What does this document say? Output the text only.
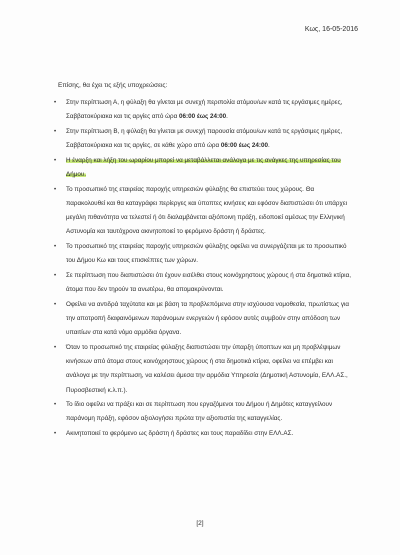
Κως, 16-05-2016
Επίσης, θα έχει τις εξής υποχρεώσεις:
• Στην περίπτωση Α, η φύλαξη θα γίνεται με συνεχή περιπολία ατόμου/ων κατά τις εργάσιμες ημέρες, Σαββατοκύριακα και τις αργίες από ώρα 06:00 έως 24:00.
• Στην περίπτωση Β, η φύλαξη θα γίνεται με συνεχή παρουσία ατόμου/ων κατά τις εργάσιμες ημέρες, Σαββατοκύριακα και τις αργίες, σε κάθε χώρο από ώρα 06:00 έως 24:00.
• Η έναρξη και λήξη του ωραρίου μπορεί να μεταβάλλεται ανάλογα με τις ανάγκες της υπηρεσίας του Δήμου.
• Το προσωπικό της εταιρείας παροχής υπηρεσιών φύλαξης θα επιστεύει τους χώρους. Θα παρακολουθεί και θα καταγράφει περίεργες και ύποπτες κινήσεις και εφόσον διαπιστώσει ότι υπάρχει μεγάλη πιθανότητα να τελεστεί ή ότι διαλαμβάνεται αξιόποινη πράξη, ειδοποιεί αμέσως την Ελληνική Αστυνομία και ταυτόχρονα ακινητοποιεί το φερόμενο δράστη ή δράστες.
• Το προσωπικό της εταιρείας παροχής υπηρεσιών φύλαξης οφείλει να συνεργάζεται με το προσωπικό του Δήμου Κω και τους επισκέπτες των χώρων.
• Σε περίπτωση που διαπιστώσει ότι έχουν εισέλθει στους κοινόχρηστους χώρους ή στα δημοτικά κτίρια, άτομα που δεν τηρούν τα ανωτέρω, θα απομακρύνονται.
• Οφείλει να αντιδρά ταχύτατα και με βάση τα προβλεπόμενα στην ισχύουσα νομοθεσία, πρωτίστως για την αποτροπή διαφαινόμενων παράνομων ενεργειών ή εφόσον αυτές συμβούν στην απόδοση των υπαιτίων στα κατά νόμο αρμόδια όργανα.
• Όταν το προσωπικό της εταιρείας φύλαξης διαπιστώσει την ύπαρξη ύποπτων και μη προβλέψιμων κινήσεων από άτομα στους κοινόχρηστους χώρους ή στα δημοτικά κτίρια, οφείλει να επέμβει και ανάλογα με την περίπτωση, να καλέσει άμεσα την αρμόδια Υπηρεσία (Δημοτική Αστυνομία, ΕΛΛ.ΑΣ., Πυροσβεστική κ.λ.π.).
• Το ίδιο οφείλει να πράξει και σε περίπτωση που εργαζόμενοι του Δήμου ή Δημότες καταγγείλουν παράνομη πράξη, εφόσον αξιολογήσει πρώτα την αξιοπιστία της καταγγελίας.
• Ακινητοποιεί το φερόμενο ως δράστη ή δράστες και τους παραδίδει στην ΕΛΛ.ΑΣ.
[2]
